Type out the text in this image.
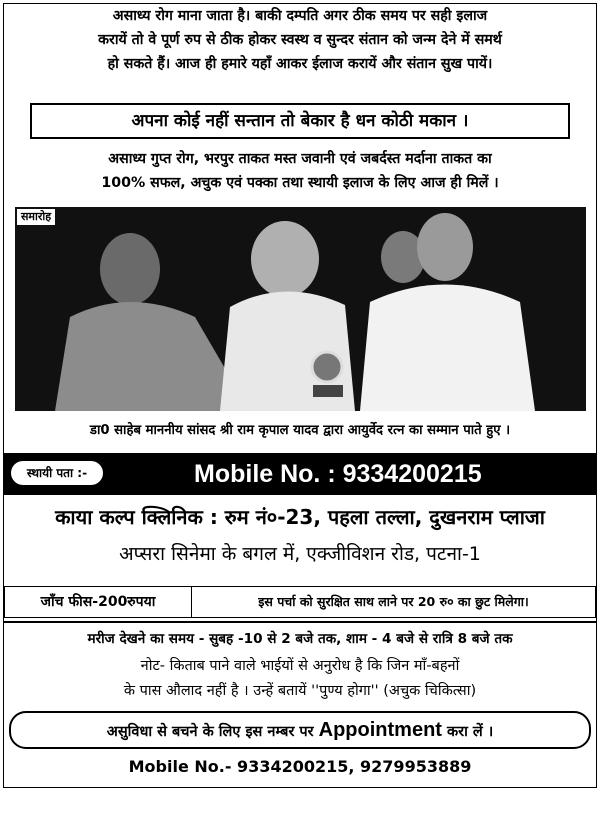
असाध्य रोग माना जाता है। बाकी दम्पति अगर ठीक समय पर सही इलाज
करायें तो वे पूर्ण रुप से ठीक होकर स्वस्थ व सुन्दर संतान को जन्म देने में समर्थ
हो सकते हैं। आज ही हमारे यहाँ आकर ईलाज करायें और संतान सुख पायें।
अपना कोई नहीं सन्तान तो बेकार है धन कोठी मकान ।
असाध्य गुप्त रोग, भरपुर ताकत मस्त जवानी एवं जबर्दस्त मर्दाना ताकत का
100% सफल, अचुक एवं पक्का तथा स्थायी इलाज के लिए आज ही मिलें ।
समारोह
डा0 साहेब माननीय सांसद श्री राम कृपाल यादव द्वारा आयुर्वेद रत्न का सम्मान पाते हुए ।
स्थायी पता :-	Mobile No. : 9334200215
काया कल्प क्लिनिक : रुम नं०-23, पहला तल्ला, दुखनराम प्लाजा
अप्सरा सिनेमा के बगल में, एक्जीविशन रोड, पटना-1
जाँच फीस-200रुपया	इस पर्चा को सुरक्षित साथ लाने पर 20 रु० का छुट मिलेगा।
मरीज देखने का समय - सुबह -10 से 2 बजे तक, शाम - 4 बजे से रात्रि 8 बजे तक
नोट- किताब पाने वाले भाईयों से अनुरोध है कि जिन माँ-बहनों
के पास औलाद नहीं है । उन्हें बतायें ''पुण्य होगा'' (अचुक चिकित्सा)
असुविधा से बचने के लिए इस नम्बर पर Appointment करा लें ।
Mobile No.- 9334200215, 9279953889
